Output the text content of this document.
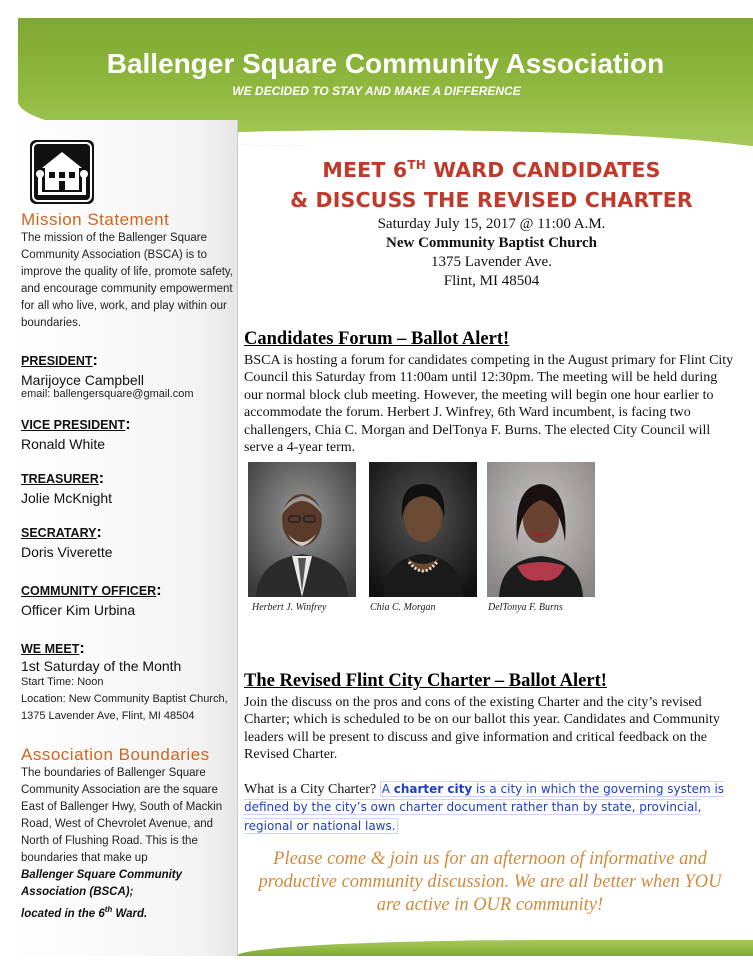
Ballenger Square Community Association
WE DECIDED TO STAY AND MAKE A DIFFERENCE
Mission Statement

The mission of the Ballenger Square Community Association (BSCA) is to improve the quality of life, promote safety, and encourage community empowerment for all who live, work, and play within our boundaries.

PRESIDENT:
Marijoyce Campbell
email: ballengersquare@gmail.com
VICE PRESIDENT:
Ronald White
TREASURER:
Jolie McKnight
SECRATARY:
Doris Viverette
COMMUNITY OFFICER:
Officer Kim Urbina
WE MEET:
1st Saturday of the Month
Start Time: Noon
Location: New Community Baptist Church, 1375 Lavender Ave, Flint, MI 48504
Association Boundaries

The boundaries of Ballenger Square Community Association are the square East of Ballenger Hwy, South of Mackin Road, West of Chevrolet Avenue, and North of Flushing Road. This is the boundaries that make up

Ballenger Square Community Association (BSCA);
located in the 6th Ward.
MEET 6TH WARD CANDIDATES
& DISCUSS THE REVISED CHARTER
Saturday July 15, 2017 @ 11:00 A.M.
New Community Baptist Church
1375 Lavender Ave.
Flint, MI 48504
Candidates Forum – Ballot Alert!
BSCA is hosting a forum for candidates competing in the August primary for Flint City Council this Saturday from 11:00am until 12:30pm. The meeting will be held during our normal block club meeting. However, the meeting will begin one hour earlier to accommodate the forum. Herbert J. Winfrey, 6th Ward incumbent, is facing two challengers, Chia C. Morgan and DelTonya F. Burns. The elected City Council will serve a 4-year term.
The Revised Flint City Charter – Ballot Alert!
Join the discuss on the pros and cons of the existing Charter and the city’s revised Charter; which is scheduled to be on our ballot this year. Candidates and Community leaders will be present to discuss and give information and critical feedback on the Revised Charter.
What is a City Charter? A charter city is a city in which the governing system is defined by the city’s own charter document rather than by state, provincial, regional or national laws.
Herbert J. Winfrey	Chia C. Morgan	DelTonya F. Burns
Please come & join us for an afternoon of informative and productive community discussion. We are all better when YOU are active in OUR community!
